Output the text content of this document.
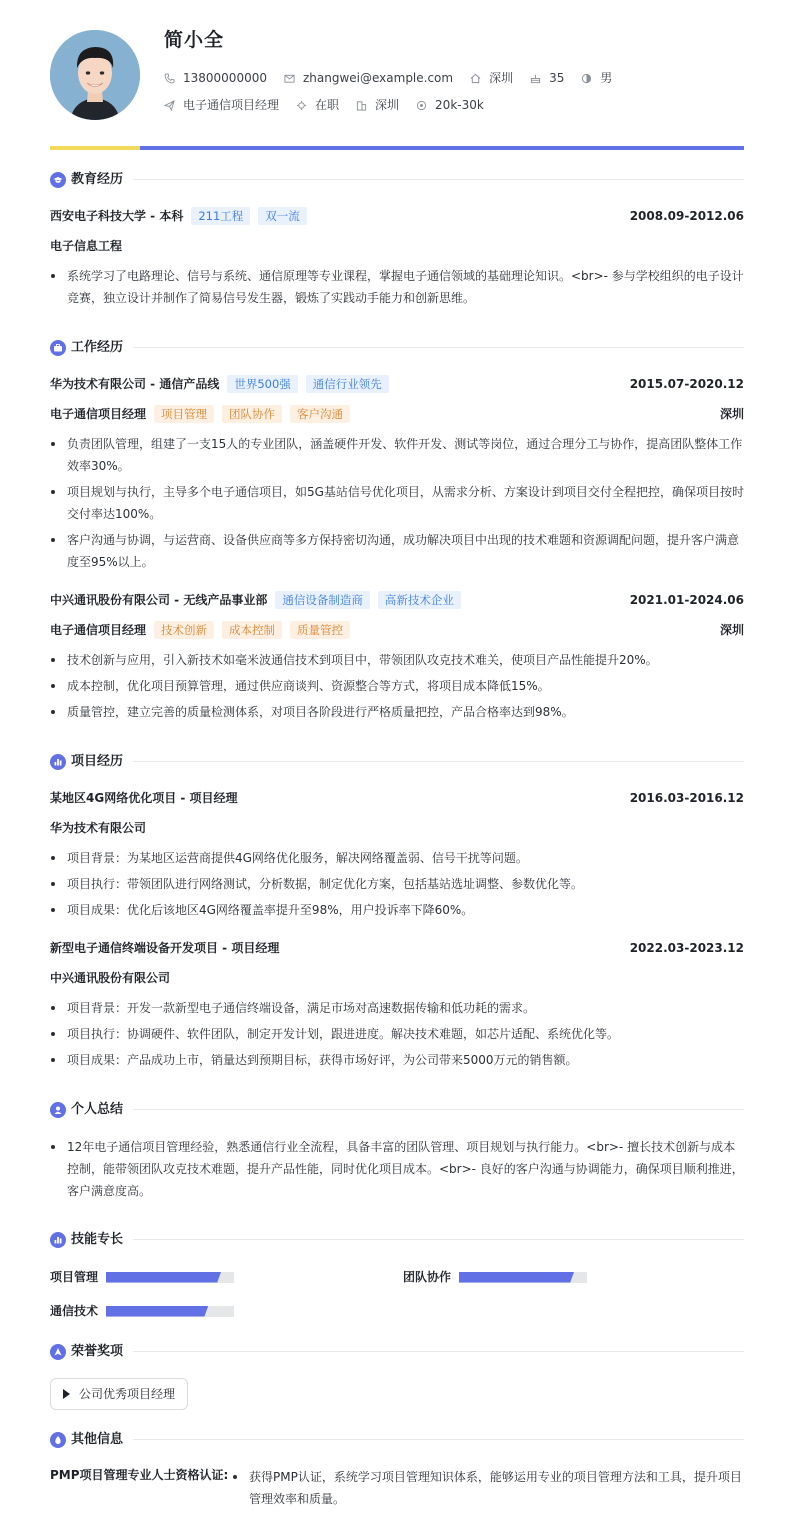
简小全
13800000000	zhangwei@example.com	深圳	35	男
电子通信项目经理	在职	深圳	20k-30k
教育经历
西安电子科技大学 - 本科	211工程	双一流	2008.09-2012.06
电子信息工程
系统学习了电路理论、信号与系统、通信原理等专业课程，掌握电子通信领域的基础理论知识。<br>- 参与学校组织的电子设计竞赛，独立设计并制作了简易信号发生器，锻炼了实践动手能力和创新思维。
工作经历
华为技术有限公司 - 通信产品线	世界500强	通信行业领先	2015.07-2020.12
电子通信项目经理	项目管理	团队协作	客户沟通	深圳
负责团队管理，组建了一支15人的专业团队，涵盖硬件开发、软件开发、测试等岗位，通过合理分工与协作，提高团队整体工作效率30%。
项目规划与执行，主导多个电子通信项目，如5G基站信号优化项目，从需求分析、方案设计到项目交付全程把控，确保项目按时交付率达100%。
客户沟通与协调，与运营商、设备供应商等多方保持密切沟通，成功解决项目中出现的技术难题和资源调配问题，提升客户满意度至95%以上。
中兴通讯股份有限公司 - 无线产品事业部	通信设备制造商	高新技术企业	2021.01-2024.06
电子通信项目经理	技术创新	成本控制	质量管控	深圳
技术创新与应用，引入新技术如毫米波通信技术到项目中，带领团队攻克技术难关，使项目产品性能提升20%。
成本控制，优化项目预算管理，通过供应商谈判、资源整合等方式，将项目成本降低15%。
质量管控，建立完善的质量检测体系，对项目各阶段进行严格质量把控，产品合格率达到98%。
项目经历
某地区4G网络优化项目 - 项目经理	2016.03-2016.12
华为技术有限公司
项目背景：为某地区运营商提供4G网络优化服务，解决网络覆盖弱、信号干扰等问题。
项目执行：带领团队进行网络测试，分析数据，制定优化方案，包括基站选址调整、参数优化等。
项目成果：优化后该地区4G网络覆盖率提升至98%，用户投诉率下降60%。
新型电子通信终端设备开发项目 - 项目经理	2022.03-2023.12
中兴通讯股份有限公司
项目背景：开发一款新型电子通信终端设备，满足市场对高速数据传输和低功耗的需求。
项目执行：协调硬件、软件团队，制定开发计划，跟进进度。解决技术难题，如芯片适配、系统优化等。
项目成果：产品成功上市，销量达到预期目标，获得市场好评，为公司带来5000万元的销售额。
个人总结
12年电子通信项目管理经验，熟悉通信行业全流程，具备丰富的团队管理、项目规划与执行能力。<br>- 擅长技术创新与成本控制，能带领团队攻克技术难题，提升产品性能，同时优化项目成本。<br>- 良好的客户沟通与协调能力，确保项目顺利推进，客户满意度高。
技能专长
项目管理	团队协作
通信技术
荣誉奖项
公司优秀项目经理
其他信息
PMP项目管理专业人士资格认证:	获得PMP认证，系统学习项目管理知识体系，能够运用专业的项目管理方法和工具，提升项目管理效率和质量。
